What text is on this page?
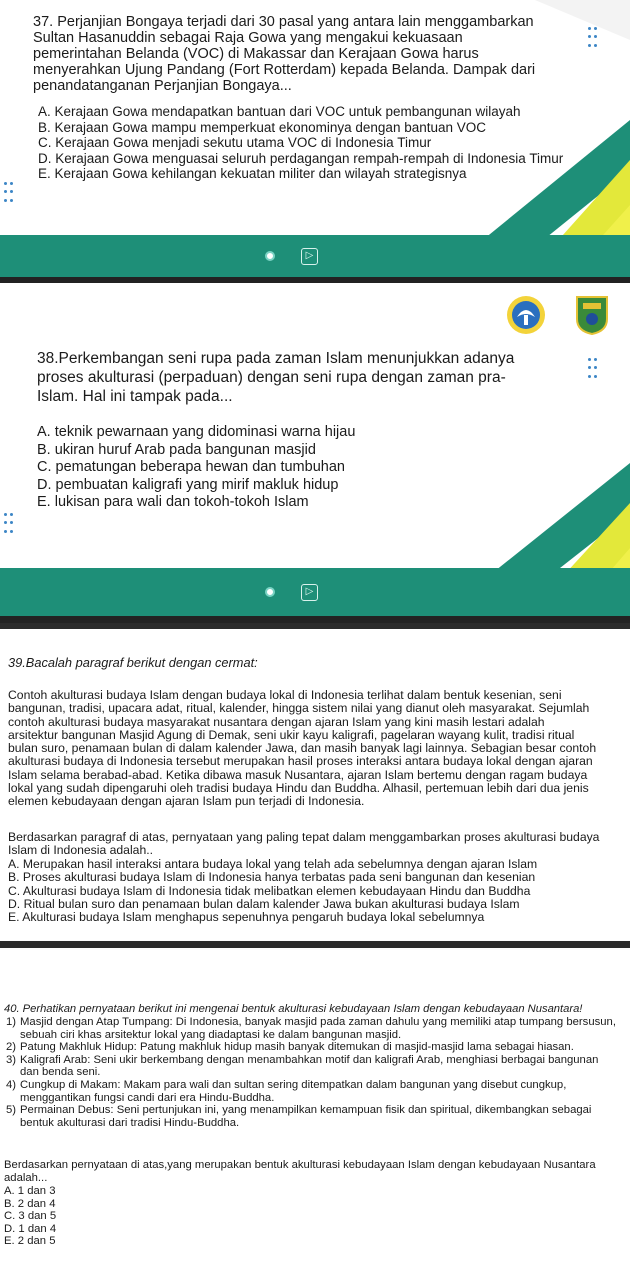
37. Perjanjian Bongaya terjadi dari 30 pasal yang antara lain menggambarkan Sultan Hasanuddin sebagai Raja Gowa yang mengakui kekuasaan pemerintahan Belanda (VOC) di Makassar dan Kerajaan Gowa harus menyerahkan Ujung Pandang (Fort Rotterdam) kepada Belanda. Dampak dari penandatanganan Perjanjian Bongaya...
A. Kerajaan Gowa mendapatkan bantuan dari VOC untuk pembangunan wilayah
B. Kerajaan Gowa mampu memperkuat ekonominya dengan bantuan VOC
C. Kerajaan Gowa menjadi sekutu utama VOC di Indonesia Timur
D. Kerajaan Gowa menguasai seluruh perdagangan rempah-rempah di Indonesia Timur
E. Kerajaan Gowa kehilangan kekuatan militer dan wilayah strategisnya
▷
38.Perkembangan seni rupa pada zaman Islam menunjukkan adanya proses akulturasi (perpaduan) dengan seni rupa dengan zaman pra-Islam. Hal ini tampak pada...
A. teknik pewarnaan yang didominasi warna hijau
B. ukiran huruf Arab pada bangunan masjid
C. pematungan beberapa hewan dan tumbuhan
D. pembuatan kaligrafi yang mirif makluk hidup
E. lukisan para wali dan tokoh-tokoh Islam
▷
39.Bacalah paragraf berikut dengan cermat:
Contoh akulturasi budaya Islam dengan budaya lokal di Indonesia terlihat dalam bentuk kesenian, seni bangunan, tradisi, upacara adat, ritual, kalender, hingga sistem nilai yang dianut oleh masyarakat. Sejumlah contoh akulturasi budaya masyarakat nusantara dengan ajaran Islam yang kini masih lestari adalah arsitektur bangunan Masjid Agung di Demak, seni ukir kayu kaligrafi, pagelaran wayang kulit, tradisi ritual bulan suro, penamaan bulan di dalam kalender Jawa, dan masih banyak lagi lainnya. Sebagian besar contoh akulturasi budaya di Indonesia tersebut merupakan hasil proses interaksi antara budaya lokal dengan ajaran Islam selama berabad-abad. Ketika dibawa masuk Nusantara, ajaran Islam bertemu dengan ragam budaya lokal yang sudah dipengaruhi oleh tradisi budaya Hindu dan Buddha. Alhasil, pertemuan lebih dari dua jenis elemen kebudayaan dengan ajaran Islam pun terjadi di Indonesia.
Berdasarkan paragraf di atas, pernyataan yang paling tepat dalam menggambarkan proses akulturasi budaya Islam di Indonesia adalah..
A. Merupakan hasil interaksi antara budaya lokal yang telah ada sebelumnya dengan ajaran Islam
B. Proses akulturasi budaya Islam di Indonesia hanya terbatas pada seni bangunan dan kesenian
C. Akulturasi budaya Islam di Indonesia tidak melibatkan elemen kebudayaan Hindu dan Buddha
D. Ritual bulan suro dan penamaan bulan dalam kalender Jawa bukan akulturasi budaya Islam
E. Akulturasi budaya Islam menghapus sepenuhnya pengaruh budaya lokal sebelumnya
40. Perhatikan pernyataan berikut ini mengenai bentuk akulturasi kebudayaan Islam dengan kebudayaan Nusantara!
1) Masjid dengan Atap Tumpang: Di Indonesia, banyak masjid pada zaman dahulu yang memiliki atap tumpang bersusun, sebuah ciri khas arsitektur lokal yang diadaptasi ke dalam bangunan masjid.
2) Patung Makhluk Hidup: Patung makhluk hidup masih banyak ditemukan di masjid-masjid lama sebagai hiasan.
3) Kaligrafi Arab: Seni ukir berkembang dengan menambahkan motif dan kaligrafi Arab, menghiasi berbagai bangunan dan benda seni.
4) Cungkup di Makam: Makam para wali dan sultan sering ditempatkan dalam bangunan yang disebut cungkup, menggantikan fungsi candi dari era Hindu-Buddha.
5) Permainan Debus: Seni pertunjukan ini, yang menampilkan kemampuan fisik dan spiritual, dikembangkan sebagai bentuk akulturasi dari tradisi Hindu-Buddha.
Berdasarkan pernyataan di atas,yang merupakan bentuk akulturasi kebudayaan Islam dengan kebudayaan Nusantara adalah...
A. 1 dan 3
B. 2 dan 4
C. 3 dan 5
D. 1 dan 4
E. 2 dan 5
